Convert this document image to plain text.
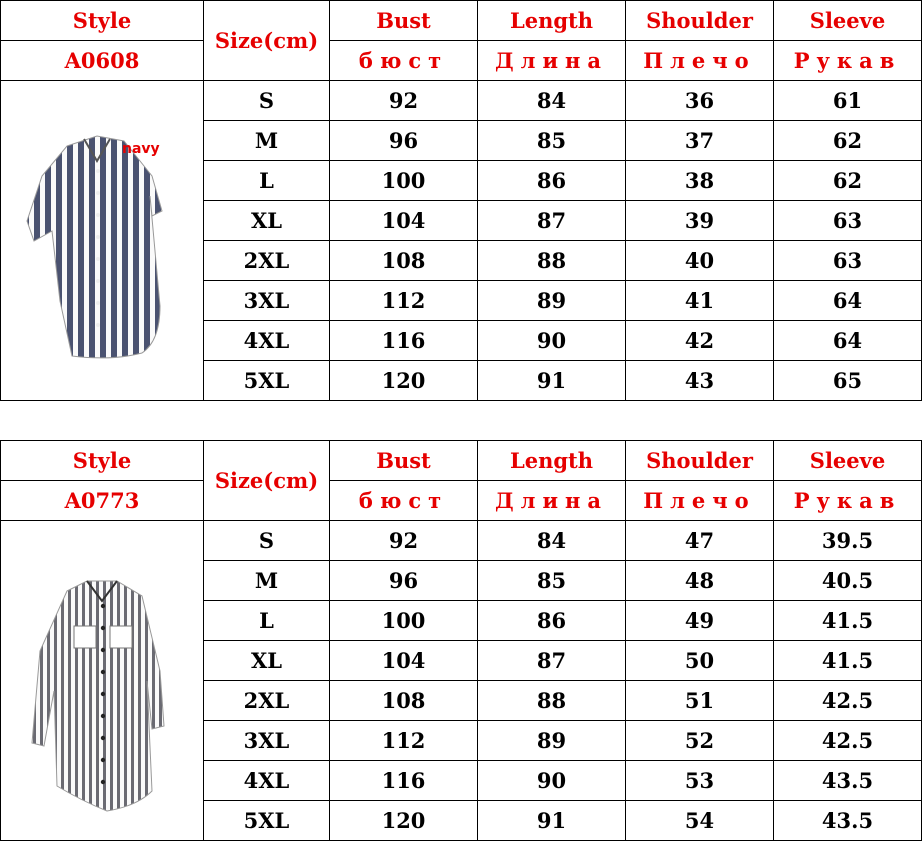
Style	Size(cm)	Bust	Length	Shoulder	Sleeve
A0608		бюст	Длина	Плечо	Рукав

navy	S	92	84	36	61
	M	96	85	37	62
	L	100	86	38	62
	XL	104	87	39	63
	2XL	108	88	40	63
	3XL	112	89	41	64
	4XL	116	90	42	64
	5XL	120	91	43	65
Style	Size(cm)	Bust	Length	Shoulder	Sleeve
A0773		бюст	Длина	Плечо	Рукав

	S	92	84	47	39.5
	M	96	85	48	40.5
	L	100	86	49	41.5
	XL	104	87	50	41.5
	2XL	108	88	51	42.5
	3XL	112	89	52	42.5
	4XL	116	90	53	43.5
	5XL	120	91	54	43.5
